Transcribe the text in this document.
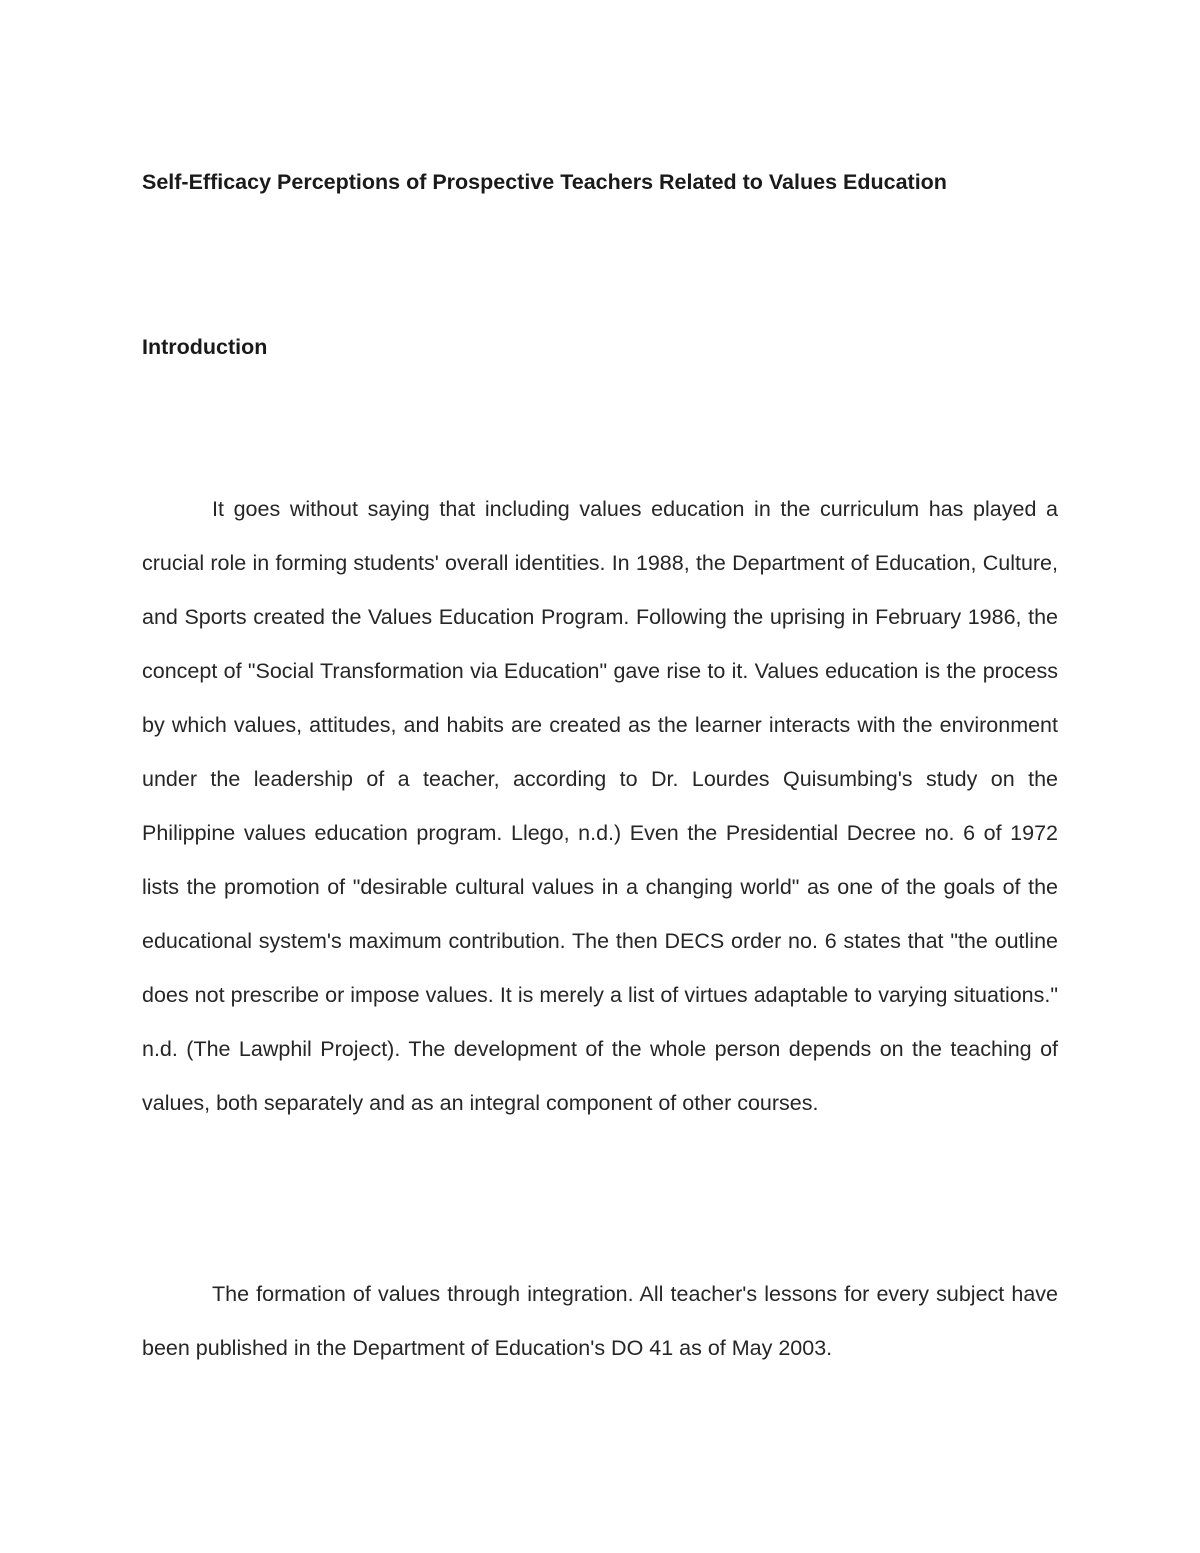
Self-Efficacy Perceptions of Prospective Teachers Related to Values Education
Introduction

It goes without saying that including values education in the curriculum has played a crucial role in forming students' overall identities. In 1988, the Department of Education, Culture, and Sports created the Values Education Program. Following the uprising in February 1986, the concept of "Social Transformation via Education" gave rise to it. Values education is the process by which values, attitudes, and habits are created as the learner interacts with the environment under the leadership of a teacher, according to Dr. Lourdes Quisumbing's study on the Philippine values education program. Llego, n.d.) Even the Presidential Decree no. 6 of 1972 lists the promotion of "desirable cultural values in a changing world" as one of the goals of the educational system's maximum contribution. The then DECS order no. 6 states that "the outline does not prescribe or impose values. It is merely a list of virtues adaptable to varying situations." n.d. (The Lawphil Project). The development of the whole person depends on the teaching of values, both separately and as an integral component of other courses.

The formation of values through integration. All teacher's lessons for every subject have been published in the Department of Education's DO 41 as of May 2003.
